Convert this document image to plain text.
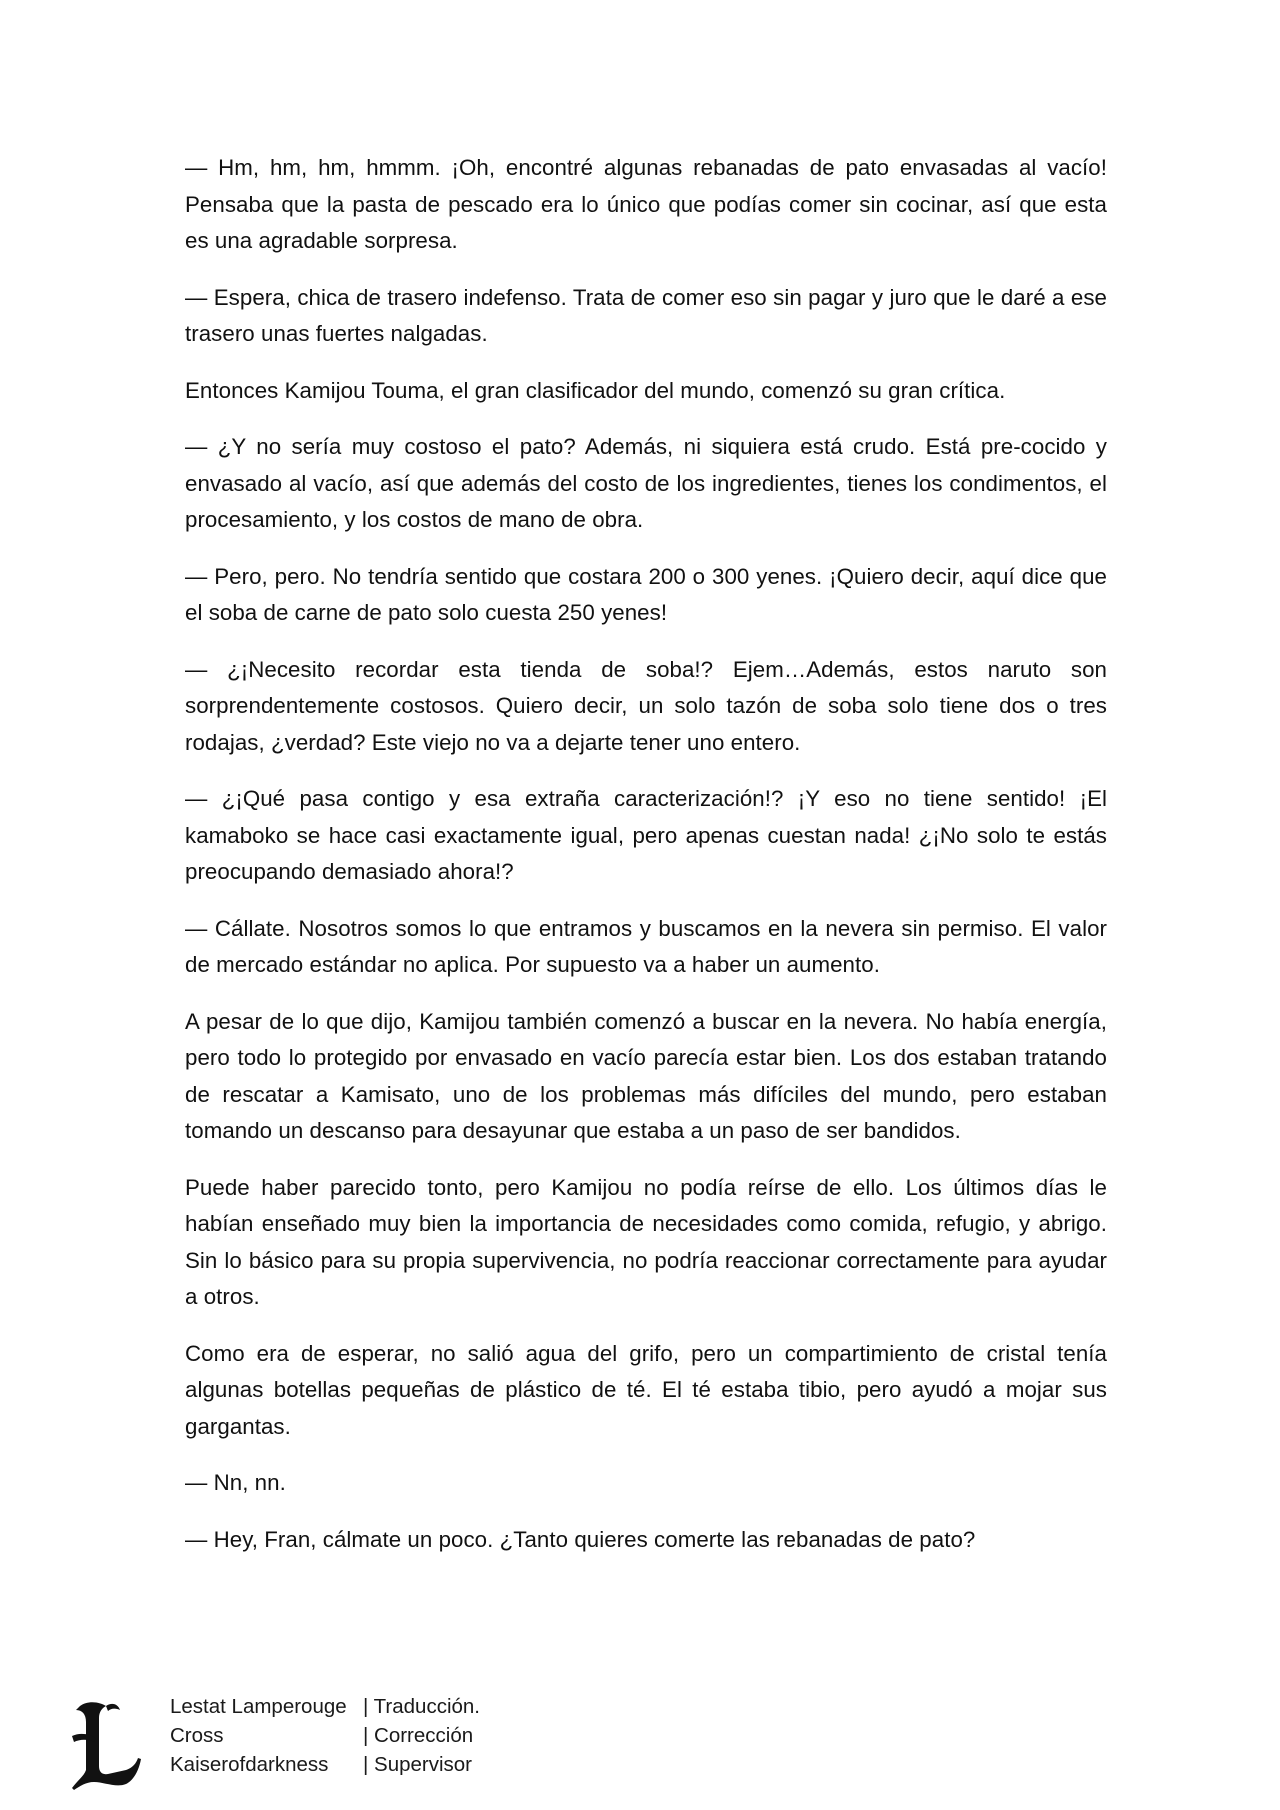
— Hm, hm, hm, hmmm. ¡Oh, encontré algunas rebanadas de pato envasadas al vacío! Pensaba que la pasta de pescado era lo único que podías comer sin cocinar, así que esta es una agradable sorpresa.

— Espera, chica de trasero indefenso. Trata de comer eso sin pagar y juro que le daré a ese trasero unas fuertes nalgadas.

Entonces Kamijou Touma, el gran clasificador del mundo, comenzó su gran crítica.

— ¿Y no sería muy costoso el pato? Además, ni siquiera está crudo. Está pre-cocido y envasado al vacío, así que además del costo de los ingredientes, tienes los condimentos, el procesamiento, y los costos de mano de obra.

— Pero, pero. No tendría sentido que costara 200 o 300 yenes. ¡Quiero decir, aquí dice que el soba de carne de pato solo cuesta 250 yenes!

— ¿¡Necesito recordar esta tienda de soba!? Ejem…Además, estos naruto son sorprendentemente costosos. Quiero decir, un solo tazón de soba solo tiene dos o tres rodajas, ¿verdad? Este viejo no va a dejarte tener uno entero.

— ¿¡Qué pasa contigo y esa extraña caracterización!? ¡Y eso no tiene sentido! ¡El kamaboko se hace casi exactamente igual, pero apenas cuestan nada! ¿¡No solo te estás preocupando demasiado ahora!?

— Cállate. Nosotros somos lo que entramos y buscamos en la nevera sin permiso. El valor de mercado estándar no aplica. Por supuesto va a haber un aumento.

A pesar de lo que dijo, Kamijou también comenzó a buscar en la nevera. No había energía, pero todo lo protegido por envasado en vacío parecía estar bien. Los dos estaban tratando de rescatar a Kamisato, uno de los problemas más difíciles del mundo, pero estaban tomando un descanso para desayunar que estaba a un paso de ser bandidos.

Puede haber parecido tonto, pero Kamijou no podía reírse de ello. Los últimos días le habían enseñado muy bien la importancia de necesidades como comida, refugio, y abrigo. Sin lo básico para su propia supervivencia, no podría reaccionar correctamente para ayudar a otros.

Como era de esperar, no salió agua del grifo, pero un compartimiento de cristal tenía algunas botellas pequeñas de plástico de té. El té estaba tibio, pero ayudó a mojar sus gargantas.

— Nn, nn.

— Hey, Fran, cálmate un poco. ¿Tanto quieres comerte las rebanadas de pato?

Lestat Lamperouge | Traducción.
Cross	| Corrección
Kaiserofdarkness	| Supervisor
